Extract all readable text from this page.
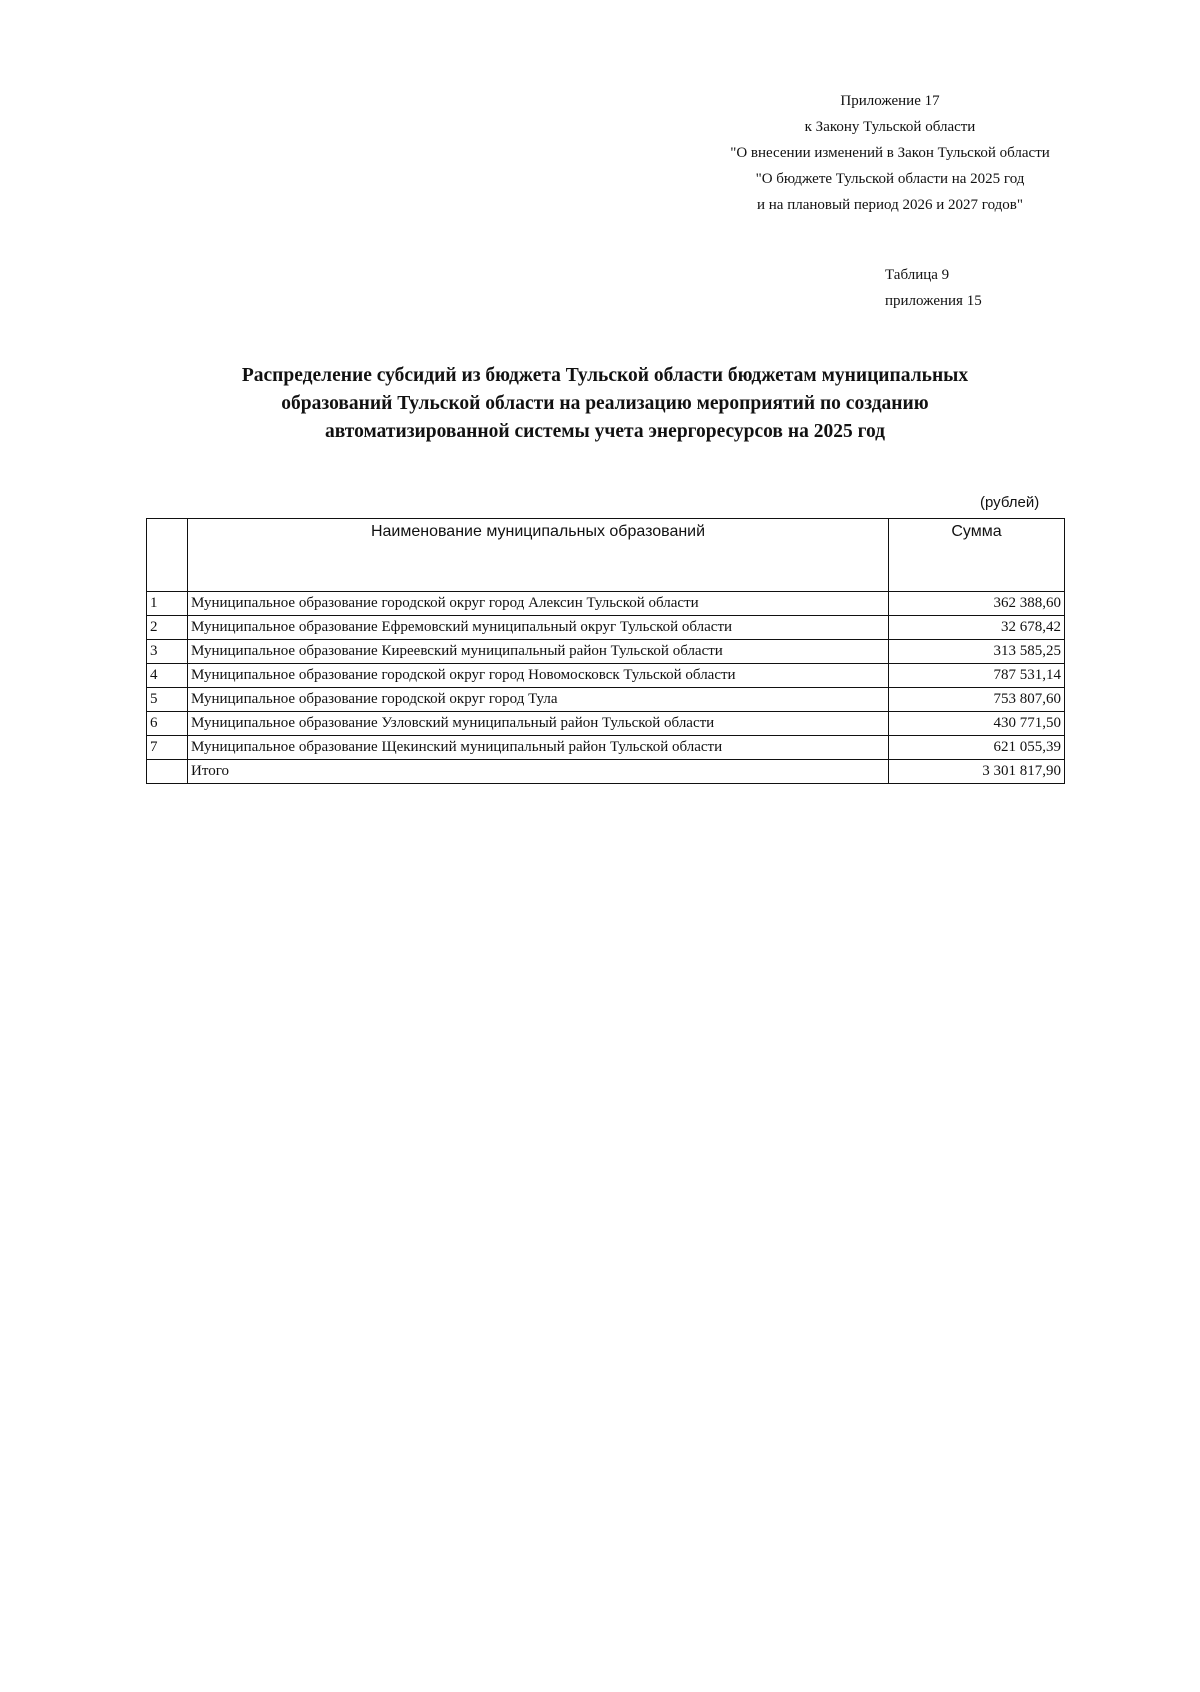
Приложение 17
к Закону Тульской области
"О внесении изменений в Закон Тульской области
"О бюджете Тульской области на 2025 год
и на плановый период 2026 и 2027 годов"
Таблица 9
приложения 15
Распределение субсидий из бюджета Тульской области бюджетам муниципальных
образований Тульской области на реализацию мероприятий по созданию
автоматизированной системы учета энергоресурсов на 2025 год
(рублей)
	Наименование муниципальных образований	Сумма
1	Муниципальное образование городской округ город Алексин Тульской области	362 388,60
2	Муниципальное образование Ефремовский муниципальный округ Тульской области	32 678,42
3	Муниципальное образование Киреевский муниципальный район Тульской области	313 585,25
4	Муниципальное образование городской округ город Новомосковск Тульской области	787 531,14
5	Муниципальное образование городской округ город Тула	753 807,60
6	Муниципальное образование Узловский муниципальный район Тульской области	430 771,50
7	Муниципальное образование Щекинский муниципальный район Тульской области	621 055,39
	Итого	3 301 817,90
